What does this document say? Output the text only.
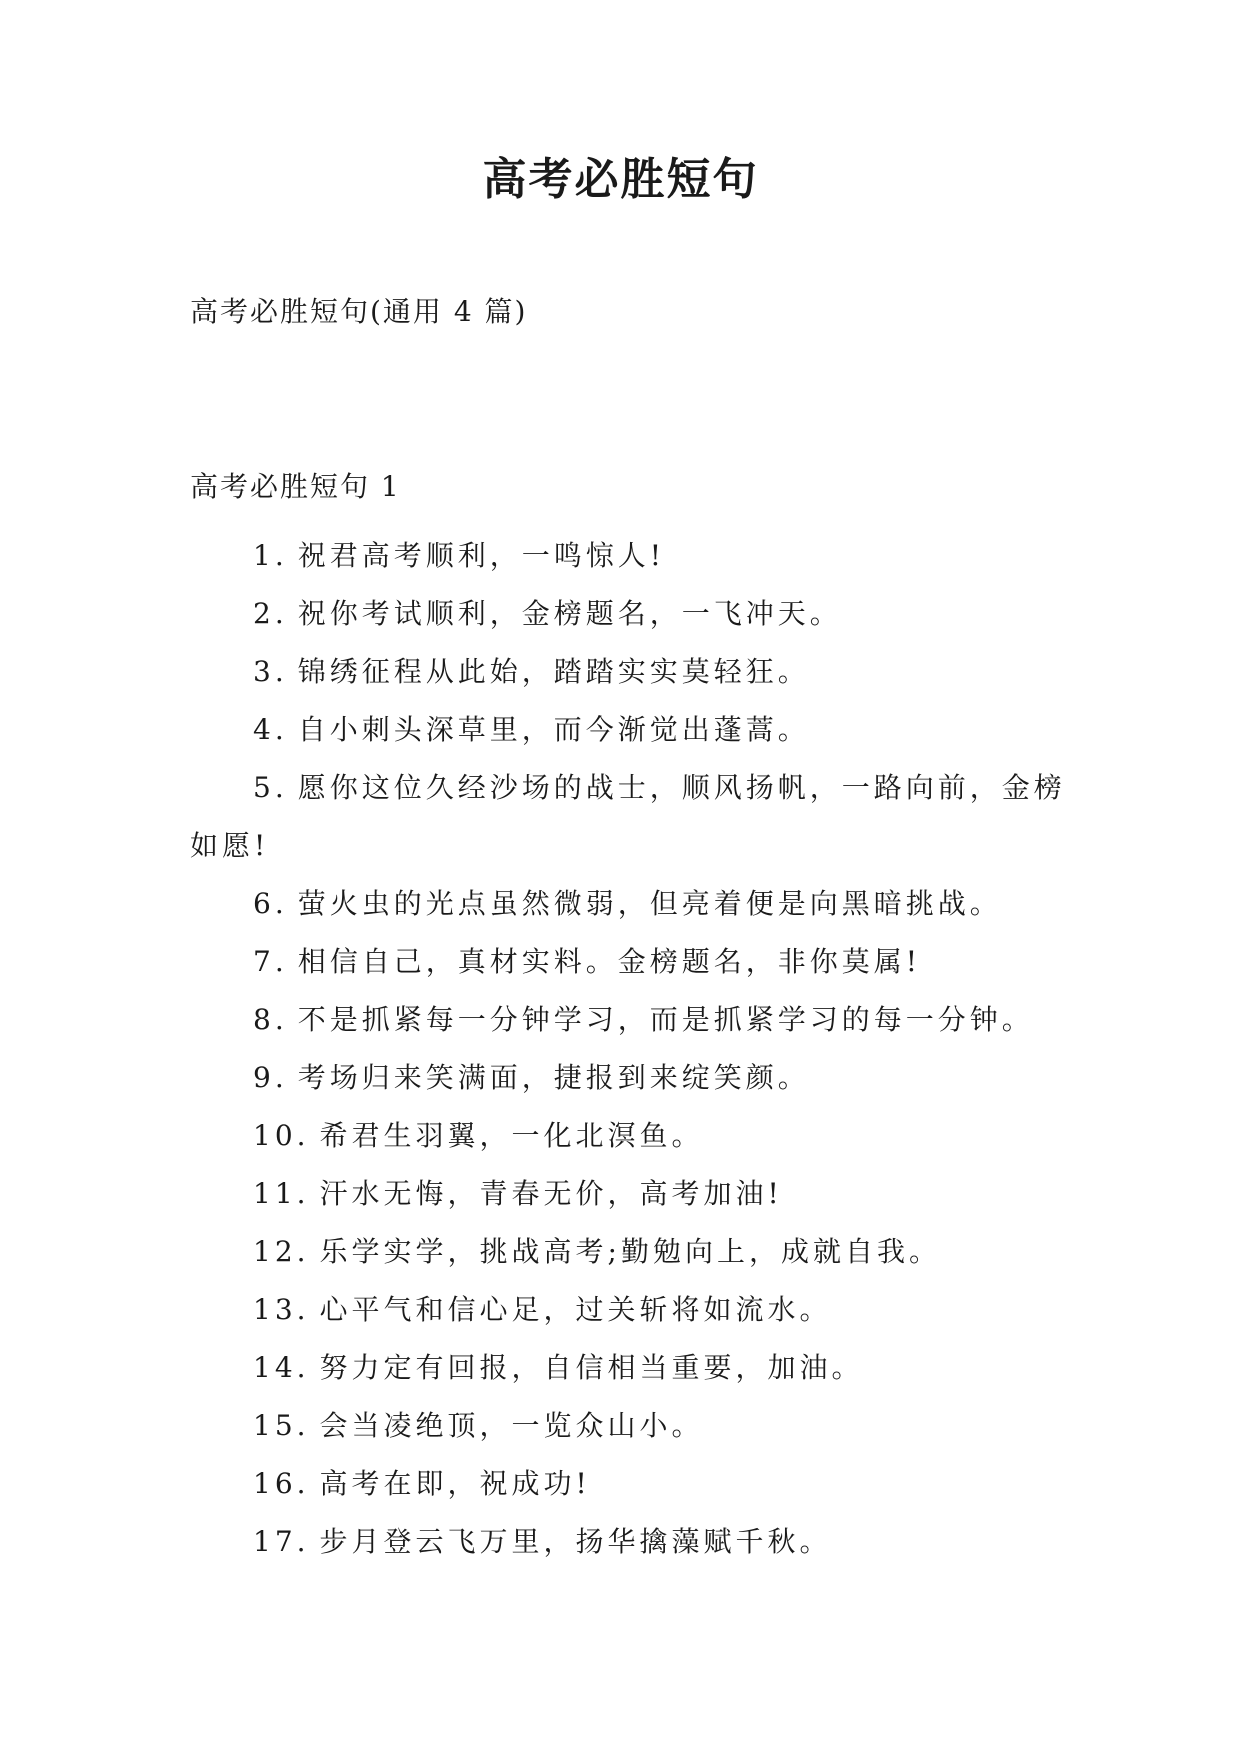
高考必胜短句
高考必胜短句(通用 4 篇)
高考必胜短句 1
1. 祝君高考顺利，一鸣惊人!
2. 祝你考试顺利，金榜题名，一飞冲天。
3. 锦绣征程从此始，踏踏实实莫轻狂。
4. 自小刺头深草里，而今渐觉出蓬蒿。
5. 愿你这位久经沙场的战士，顺风扬帆，一路向前，金榜如愿!
6. 萤火虫的光点虽然微弱，但亮着便是向黑暗挑战。
7. 相信自己，真材实料。金榜题名，非你莫属!
8. 不是抓紧每一分钟学习，而是抓紧学习的每一分钟。
9. 考场归来笑满面，捷报到来绽笑颜。
10. 希君生羽翼，一化北溟鱼。
11. 汗水无悔，青春无价，高考加油!
12. 乐学实学，挑战高考;勤勉向上，成就自我。
13. 心平气和信心足，过关斩将如流水。
14. 努力定有回报，自信相当重要，加油。
15. 会当凌绝顶，一览众山小。
16. 高考在即，祝成功!
17. 步月登云飞万里，扬华擒藻赋千秋。
